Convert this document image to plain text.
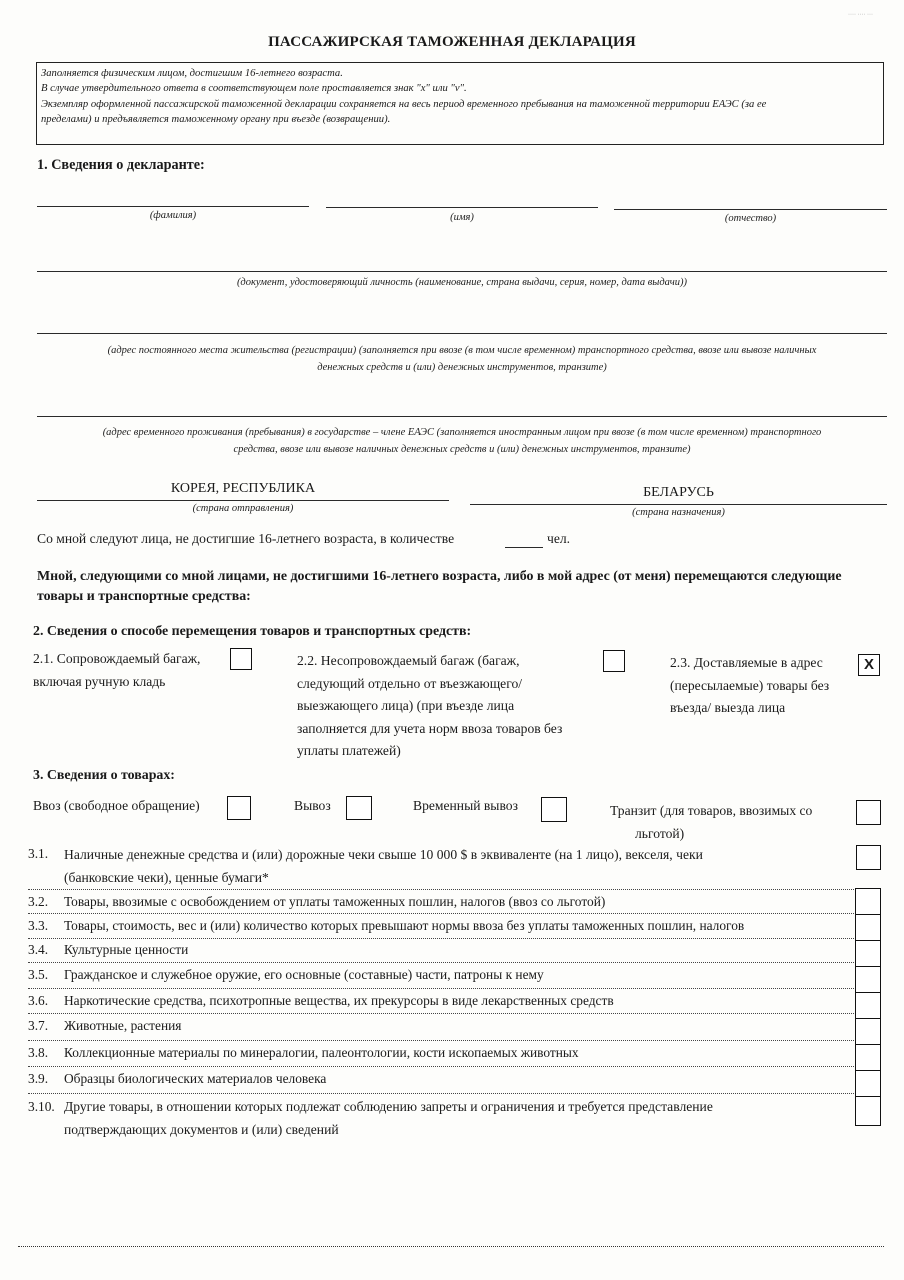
···· ···· ···
ПАССАЖИРСКАЯ ТАМОЖЕННАЯ ДЕКЛАРАЦИЯ
Заполняется физическим лицом, достигшим 16-летнего возраста.
В случае утвердительного ответа в соответствующем поле проставляется знак "x" или "v".
Экземпляр оформленной пассажирской таможенной декларации сохраняется на весь период временного пребывания на таможенной территории ЕАЭС (за ее
пределами) и предъявляется таможенному органу при въезде (возвращении).
1. Сведения о декларанте:
(фамилия)	(имя)	(отчество)
(документ, удостоверяющий личность (наименование, страна выдачи, серия, номер, дата выдачи))
(адрес постоянного места жительства (регистрации) (заполняется при ввозе (в том числе временном) транспортного средства, ввозе или вывозе наличных
денежных средств и (или) денежных инструментов, транзите)
(адрес временного проживания (пребывания) в государстве – члене ЕАЭС (заполняется иностранным лицом при ввозе (в том числе временном) транспортного
средства, ввозе или вывозе наличных денежных средств и (или) денежных инструментов, транзите)
КОРЕЯ, РЕСПУБЛИКА
(страна отправления)
БЕЛАРУСЬ
(страна назначения)
Со мной следуют лица, не достигшие 16-летнего возраста, в количестве	чел.
Мной, следующими со мной лицами, не достигшими 16-летнего возраста, либо в мой адрес (от меня) перемещаются следующие
товары и транспортные средства:
2. Сведения о способе перемещения товаров и транспортных средств:
2.1. Сопровождаемый багаж,
включая ручную кладь
2.2. Несопровождаемый багаж (багаж,
следующий отдельно от въезжающего/
выезжающего лица) (при въезде лица
заполняется для учета норм ввоза товаров без
уплаты платежей)
2.3. Доставляемые в адрес
(пересылаемые) товары без
въезда/ выезда лица
X
3. Сведения о товарах:
Ввоз (свободное обращение)	Вывоз	Временный вывоз	Транзит (для товаров, ввозимых со
льготой)
3.1. Наличные денежные средства и (или) дорожные чеки свыше 10 000 $ в эквиваленте (на 1 лицо), векселя, чеки
(банковские чеки), ценные бумаги*
3.2. Товары, ввозимые с освобождением от уплаты таможенных пошлин, налогов (ввоз со льготой)
3.3. Товары, стоимость, вес и (или) количество которых превышают нормы ввоза без уплаты таможенных пошлин, налогов
3.4. Культурные ценности
3.5. Гражданское и служебное оружие, его основные (составные) части, патроны к нему
3.6. Наркотические средства, психотропные вещества, их прекурсоры в виде лекарственных средств
3.7. Животные, растения
3.8. Коллекционные материалы по минералогии, палеонтологии, кости ископаемых животных
3.9. Образцы биологических материалов человека
3.10. Другие товары, в отношении которых подлежат соблюдению запреты и ограничения и требуется представление
подтверждающих документов и (или) сведений
